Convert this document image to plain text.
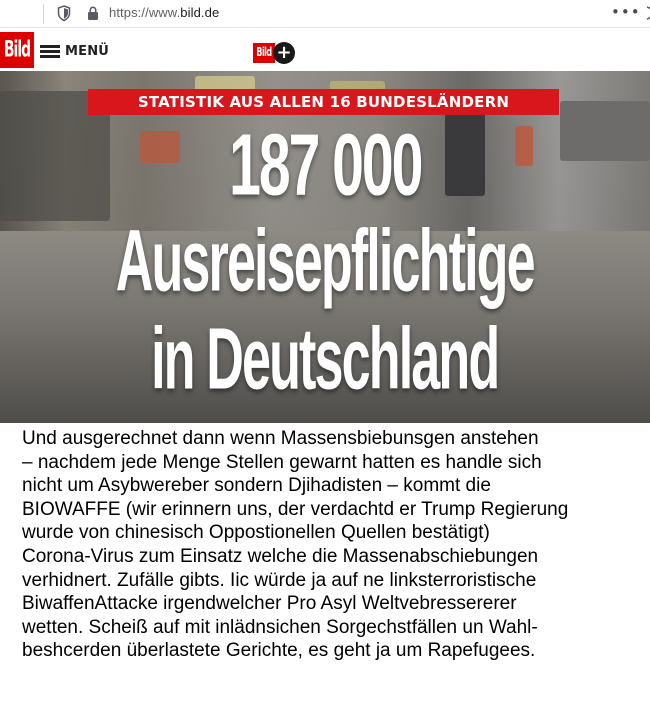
https://www.bild.de	•••
Bild	MENÜ	Bild +
STATISTIK AUS ALLEN 16 BUNDESLÄNDERN
187 000
Ausreisepflichtige
in Deutschland
Und ausgerechnet dann wenn Massensbiebunsgen anstehen
– nachdem jede Menge Stellen gewarnt hatten es handle sich
nicht um Asybwereber sondern Djihadisten – kommt die
BIOWAFFE (wir erinnern uns, der verdachtd er Trump Regierung
wurde von chinesisch Oppostionellen Quellen bestätigt)
Corona-Virus zum Einsatz welche die Massenabschiebungen
verhidnert. Zufälle gibts. Iic würde ja auf ne linksterroristische
BiwaffenAttacke irgendwelcher Pro Asyl Weltvebressererer
wetten. Scheiß auf mit inlädnsichen Sorgechstfällen un Wahl-
beshcerden überlastete Gerichte, es geht ja um Rapefugees.
